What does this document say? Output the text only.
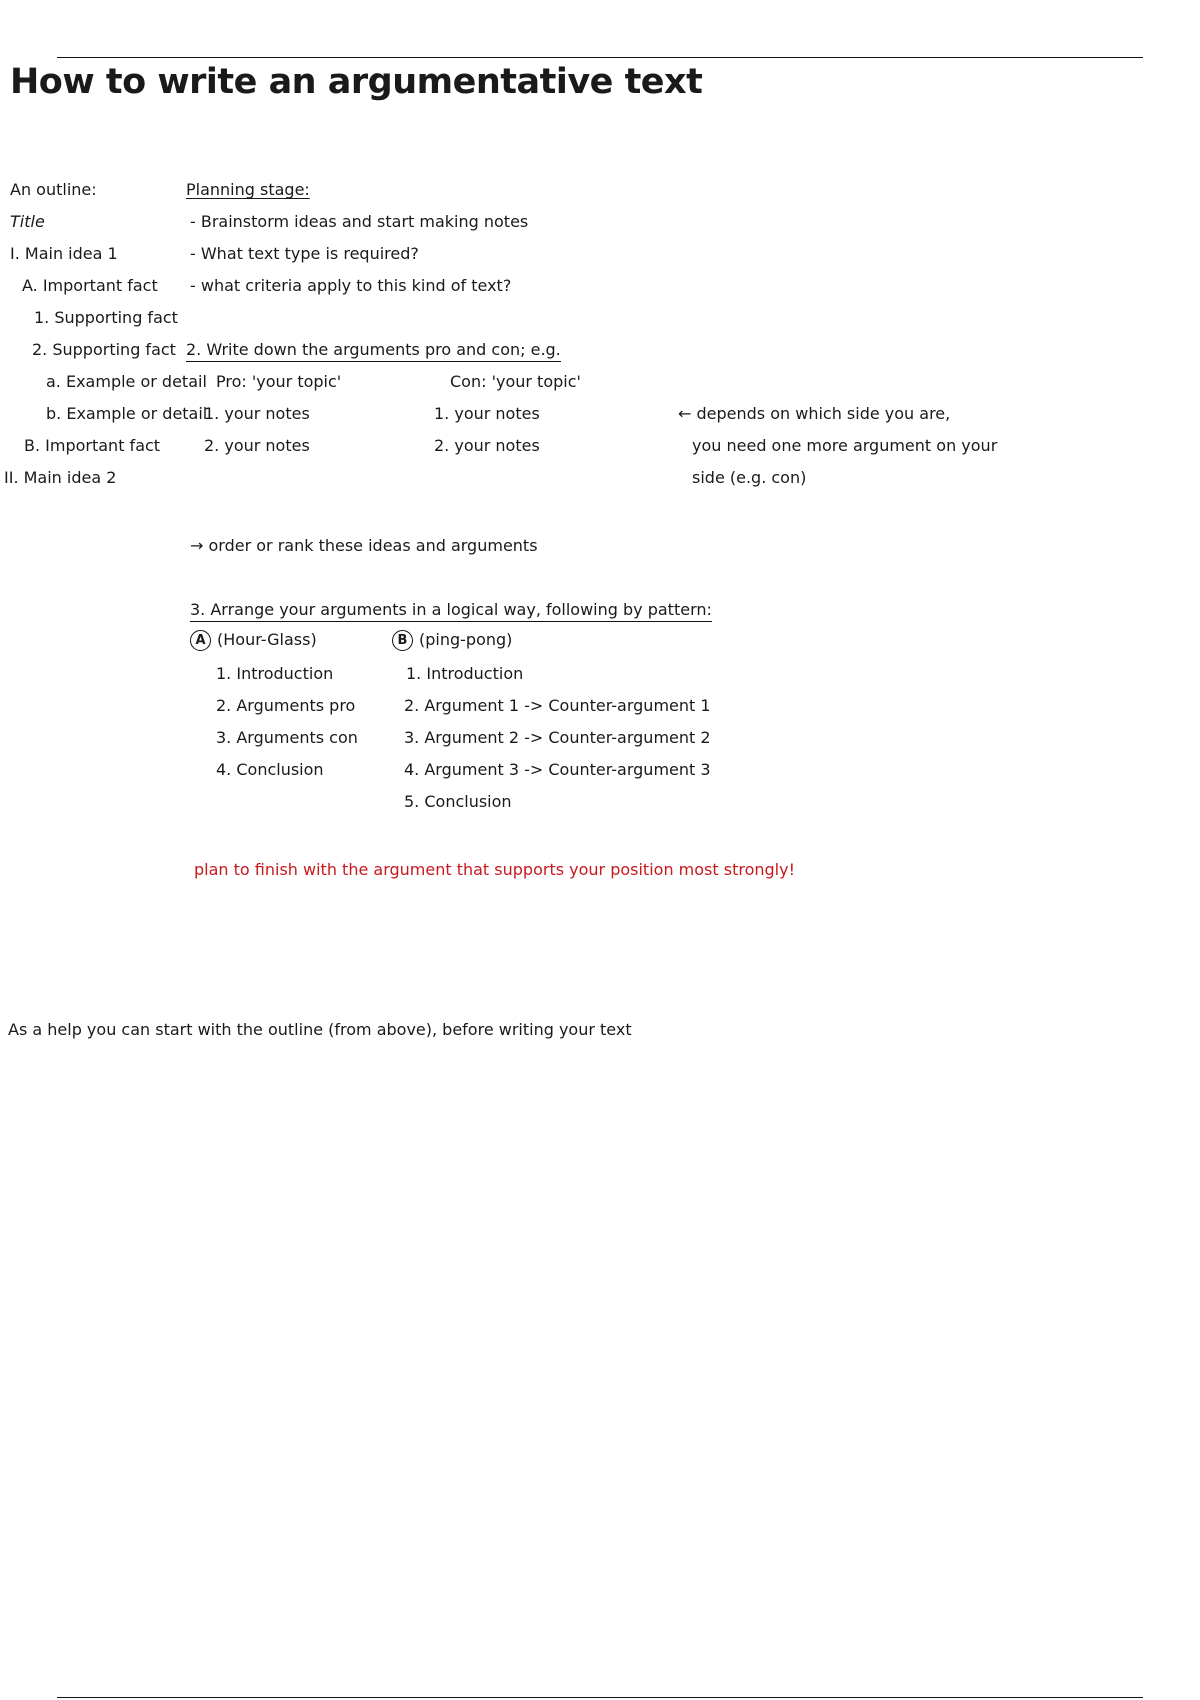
How to write an argumentative text
An outline:
Title
I. Main idea 1
A. Important fact
1. Supporting fact
2. Supporting fact
a. Example or detail
b. Example or detail
B. Important fact
II. Main idea 2
Planning stage:
- Brainstorm ideas and start making notes
- What text type is required?
- what criteria apply to this kind of text?
2. Write down the arguments pro and con; e.g.
Pro: 'your topic'	Con: 'your topic'
1. your notes
2. your notes
1. your notes
2. your notes
← depends on which side you are,
you need one more argument on your
side (e.g. con)
→ order or rank these ideas and arguments
3. Arrange your arguments in a logical way, following by pattern:
A (Hour-Glass)
1. Introduction
2. Arguments pro
3. Arguments con
4. Conclusion
B (ping-pong)
1. Introduction
2. Argument 1 -> Counter-argument 1
3. Argument 2 -> Counter-argument 2
4. Argument 3 -> Counter-argument 3
5. Conclusion
plan to finish with the argument that supports your position most strongly!
As a help you can start with the outline (from above), before writing your text
